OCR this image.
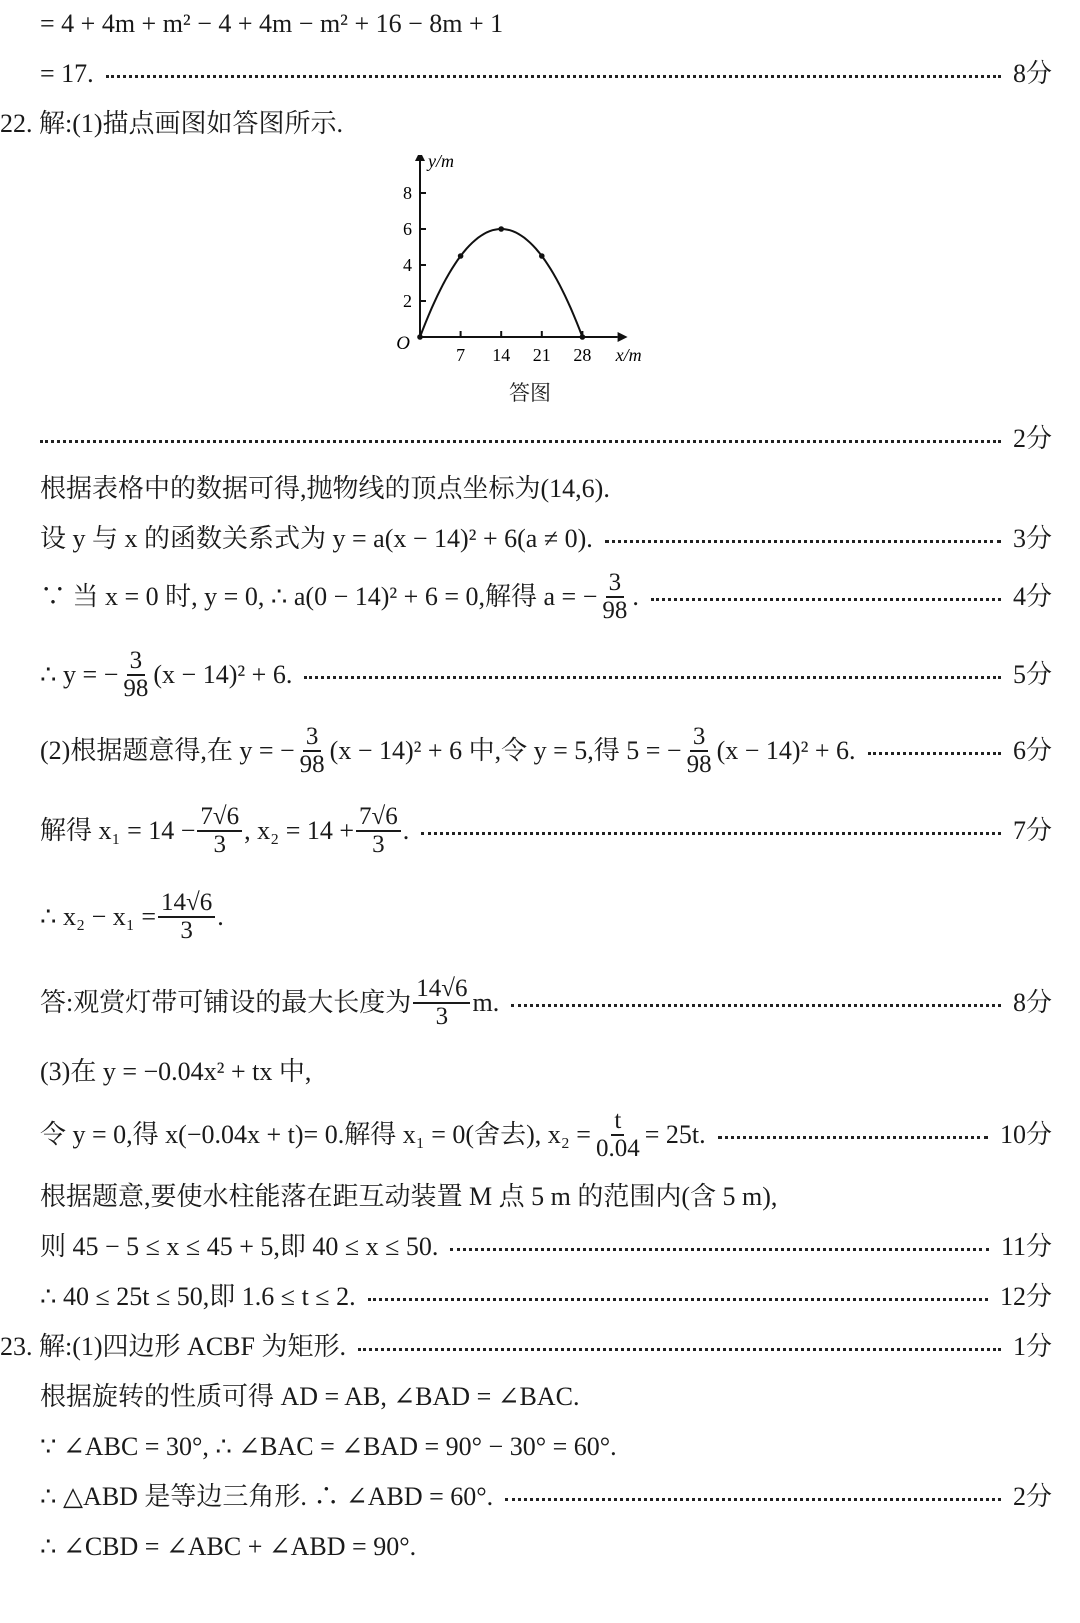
= 4 + 4m + m² − 4 + 4m − m² + 16 − 8m + 1
= 17.	8分
22. 解:(1)描点画图如答图所示.
7 14 21 28
2
4
6
8
O
x/m
y/m
答图
2分
根据表格中的数据可得,抛物线的顶点坐标为(14,6).
设 y 与 x 的函数关系式为 y = a(x − 14)² + 6(a ≠ 0).	3分
∵ 当 x = 0 时, y = 0, ∴ a(0 − 14)² + 6 = 0,解得 a = − $\frac{3}{98}$ .	4分
∴ y = − $\frac{3}{98} (x - 14)^2 + 6$.	5分
(2)根据题意得,在 y = − $\frac{3}{98} (x - 14)^2 + 6$ 中,令 y = 5,得 5 = − $\frac{3}{98} (x - 14)^2 + 6$.	6分
解得 $x_1 = 14 - \frac{7√6}{3}$ , $x_2 = 14 + \frac{7√6}{3}$ .	7分
∴ $x_2 - x_1 = \frac{14√6}{3}$ .
答:观赏灯带可铺设的最大长度为 $\frac{14√6}{3} m$.	8分
(3)在 y = −0.04x² + tx 中,
令 y = 0,得 x(−0.04x + t)= 0.解得 x₁ = 0(舍去), $x_2 = \frac{t}{0.04} = 25t$.	10分
根据题意,要使水柱能落在距互动装置 M 点 5 m 的范围内(含 5 m),
则 45 − 5 ≤ x ≤ 45 + 5,即 40 ≤ x ≤ 50.	11分
∴ 40 ≤ 25t ≤ 50,即 1.6 ≤ t ≤ 2.	12分
23. 解:(1)四边形 ACBF 为矩形.	1分
根据旋转的性质可得 AD = AB, ∠BAD = ∠BAC.
∵ ∠ABC = 30°, ∴ ∠BAC = ∠BAD = 90° − 30° = 60°.
∴ △ABD 是等边三角形. ∴ ∠ABD = 60°.	2分
∴ ∠CBD = ∠ABC + ∠ABD = 90°.
